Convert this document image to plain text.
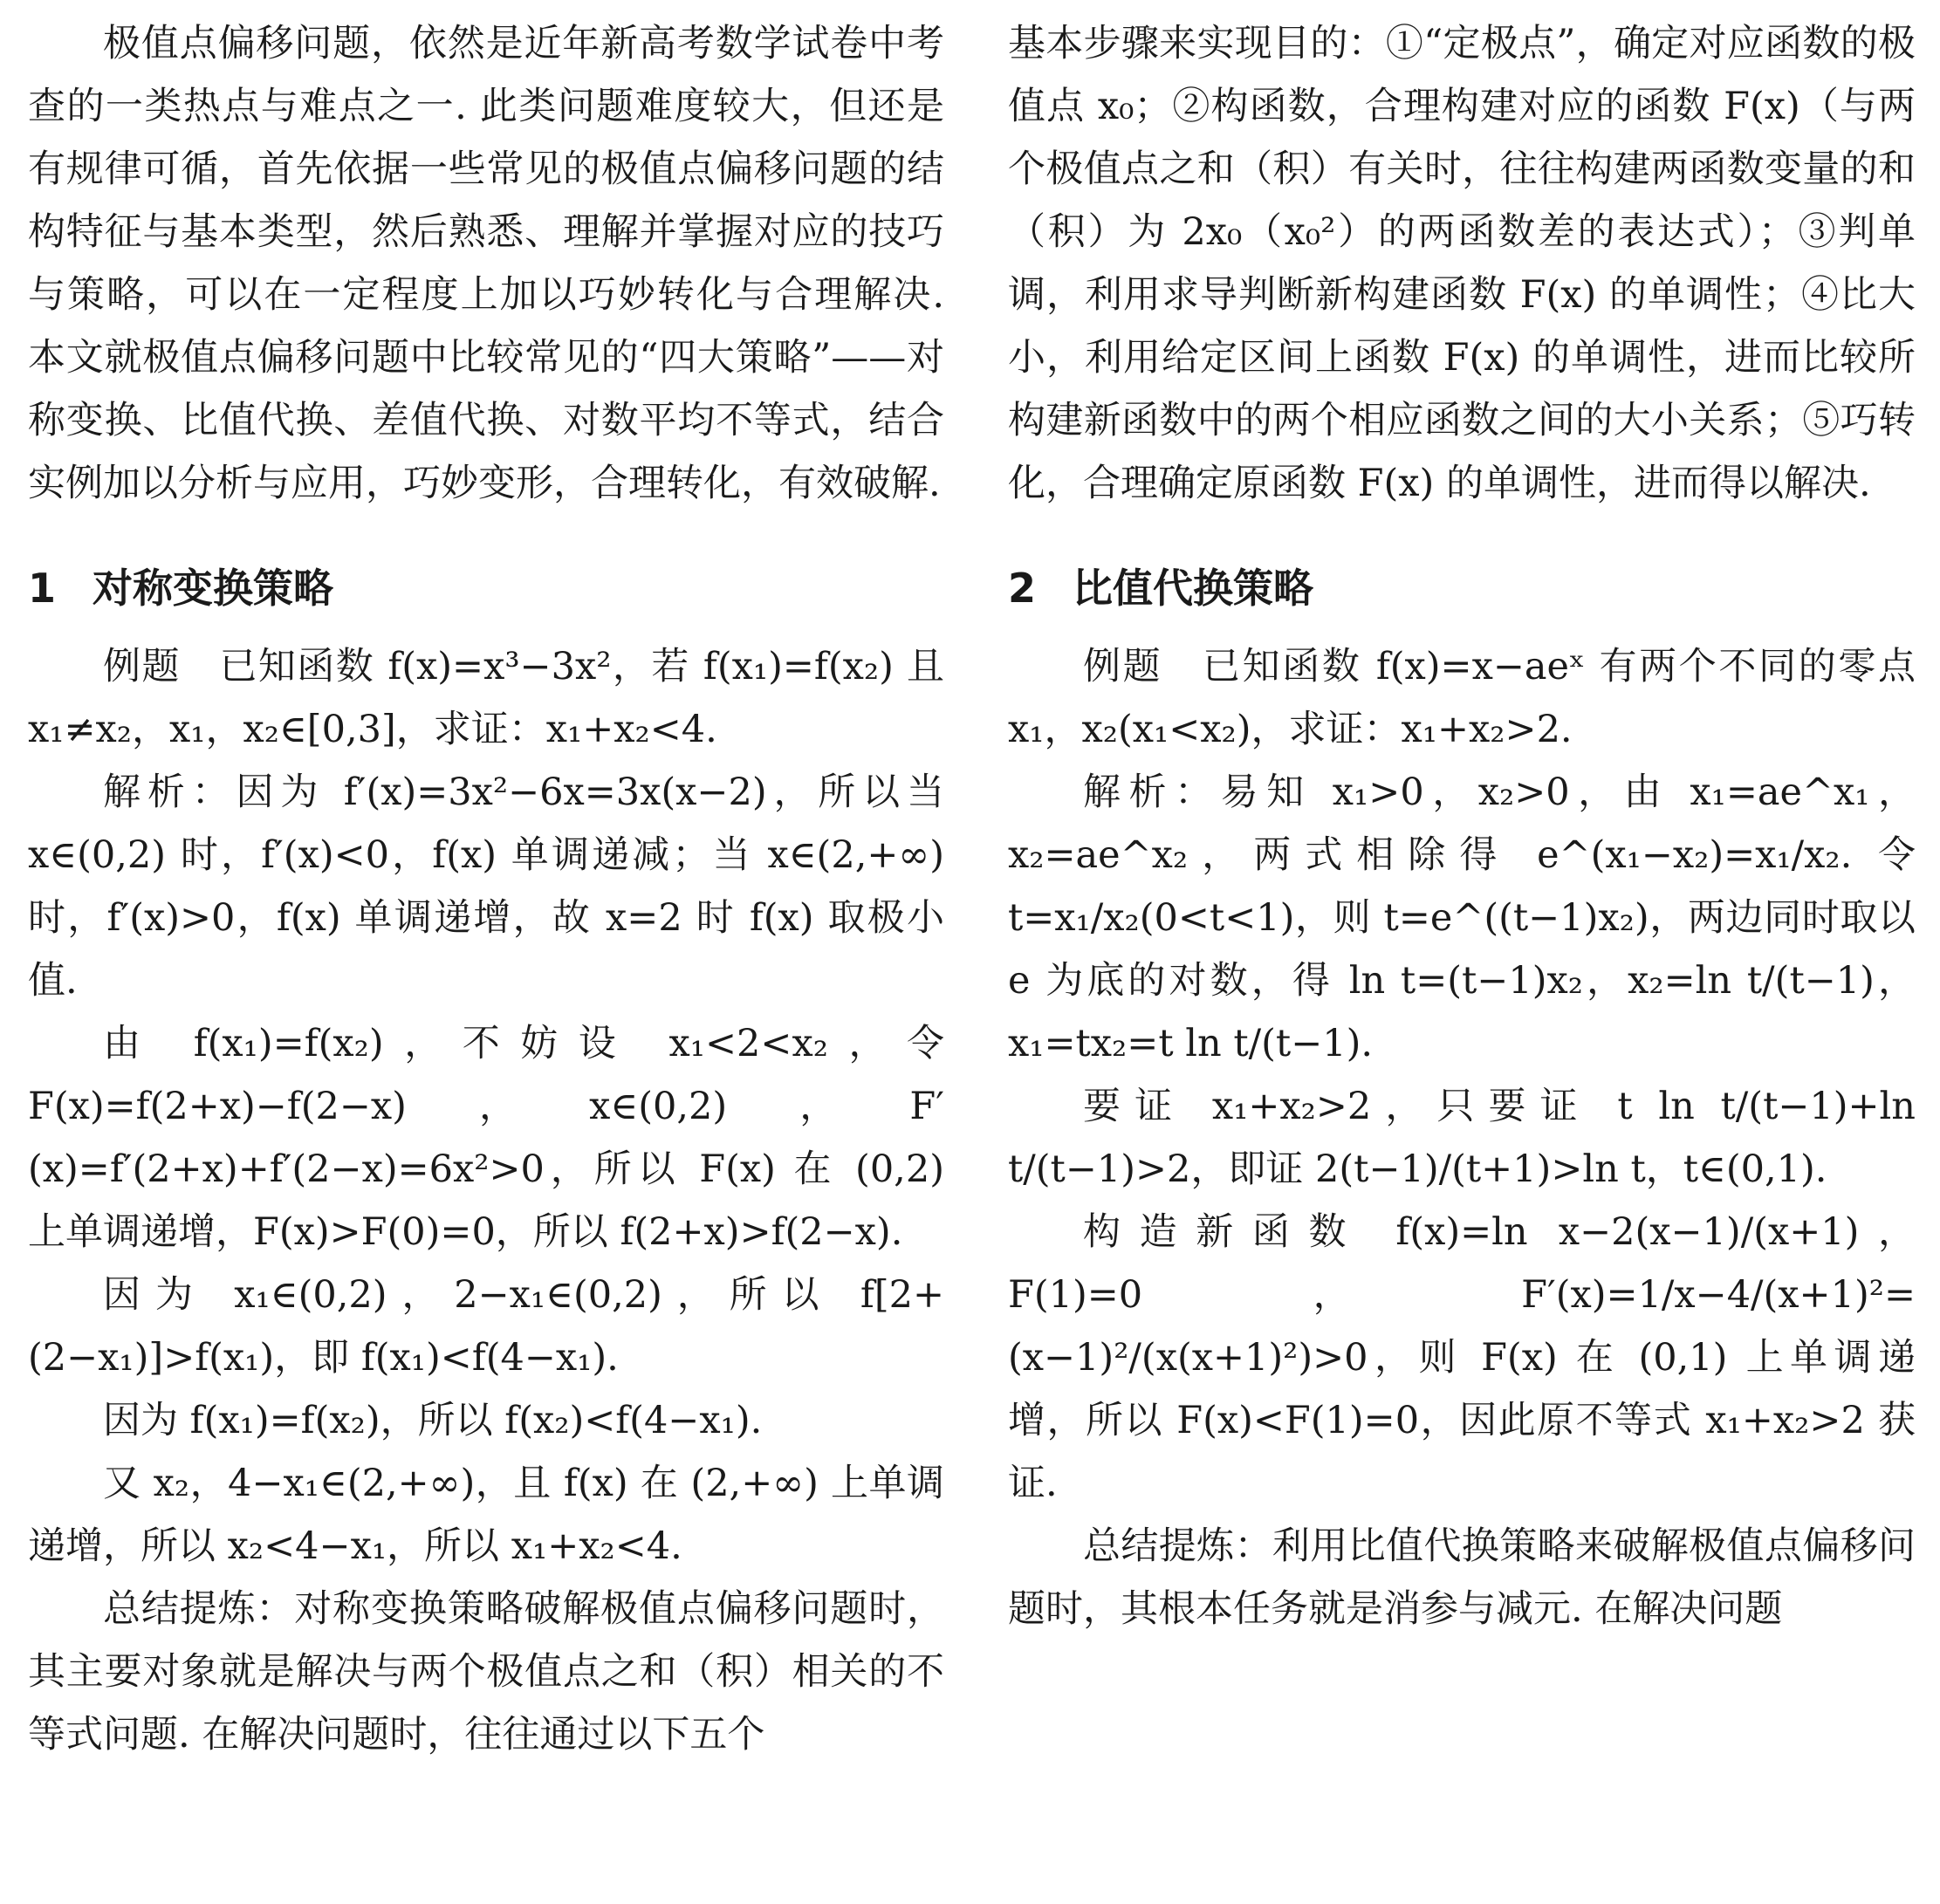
极值点偏移问题，依然是近年新高考数学试卷中考查的一类热点与难点之一. 此类问题难度较大，但还是有规律可循，首先依据一些常见的极值点偏移问题的结构特征与基本类型，然后熟悉、理解并掌握对应的技巧与策略，可以在一定程度上加以巧妙转化与合理解决. 本文就极值点偏移问题中比较常见的“四大策略”——对称变换、比值代换、差值代换、对数平均不等式，结合实例加以分析与应用，巧妙变形，合理转化，有效破解.

1 对称变换策略

例题　已知函数 f(x)=x³−3x²，若 f(x₁)=f(x₂) 且 x₁≠x₂，x₁，x₂∈[0,3]，求证：x₁+x₂<4.

解析：因为 f′(x)=3x²−6x=3x(x−2)，所以当 x∈(0,2) 时，f′(x)<0，f(x) 单调递减；当 x∈(2,+∞) 时，f′(x)>0，f(x) 单调递增，故 x=2 时 f(x) 取极小值.

由 f(x₁)=f(x₂)，不妨设 x₁<2<x₂，令 F(x)=f(2+x)−f(2−x)，x∈(0,2)，F′(x)=f′(2+x)+f′(2−x)=6x²>0，所以 F(x) 在 (0,2) 上单调递增，F(x)>F(0)=0，所以 f(2+x)>f(2−x).

因为 x₁∈(0,2)，2−x₁∈(0,2)，所以 f[2+(2−x₁)]>f(x₁)，即 f(x₁)<f(4−x₁).

因为 f(x₁)=f(x₂)，所以 f(x₂)<f(4−x₁).

又 x₂，4−x₁∈(2,+∞)，且 f(x) 在 (2,+∞) 上单调递增，所以 x₂<4−x₁，所以 x₁+x₂<4.

总结提炼：对称变换策略破解极值点偏移问题时，其主要对象就是解决与两个极值点之和（积）相关的不等式问题. 在解决问题时，往往通过以下五个

基本步骤来实现目的：①“定极点”，确定对应函数的极值点 x₀；②构函数，合理构建对应的函数 F(x)（与两个极值点之和（积）有关时，往往构建两函数变量的和（积）为 2x₀（x₀²）的两函数差的表达式）；③判单调，利用求导判断新构建函数 F(x) 的单调性；④比大小，利用给定区间上函数 F(x) 的单调性，进而比较所构建新函数中的两个相应函数之间的大小关系；⑤巧转化，合理确定原函数 F(x) 的单调性，进而得以解决.

2 比值代换策略

例题　已知函数 f(x)=x−aeˣ 有两个不同的零点 x₁，x₂(x₁<x₂)，求证：x₁+x₂>2.

解析：易知 x₁>0，x₂>0，由 x₁=ae^x₁，x₂=ae^x₂，两式相除得 e^(x₁−x₂)=x₁/x₂. 令 t=x₁/x₂(0<t<1)，则 t=e^((t−1)x₂)，两边同时取以 e 为底的对数，得 ln t=(t−1)x₂，x₂=ln t/(t−1)，x₁=tx₂=t ln t/(t−1).

要证 x₁+x₂>2，只要证 t ln t/(t−1)+ln t/(t−1)>2，即证 2(t−1)/(t+1)>ln t，t∈(0,1).

构造新函数 f(x)=ln x−2(x−1)/(x+1)，F(1)=0，F′(x)=1/x−4/(x+1)²=(x−1)²/(x(x+1)²)>0，则 F(x) 在 (0,1) 上单调递增，所以 F(x)<F(1)=0，因此原不等式 x₁+x₂>2 获证.

总结提炼：利用比值代换策略来破解极值点偏移问题时，其根本任务就是消参与减元. 在解决问题
